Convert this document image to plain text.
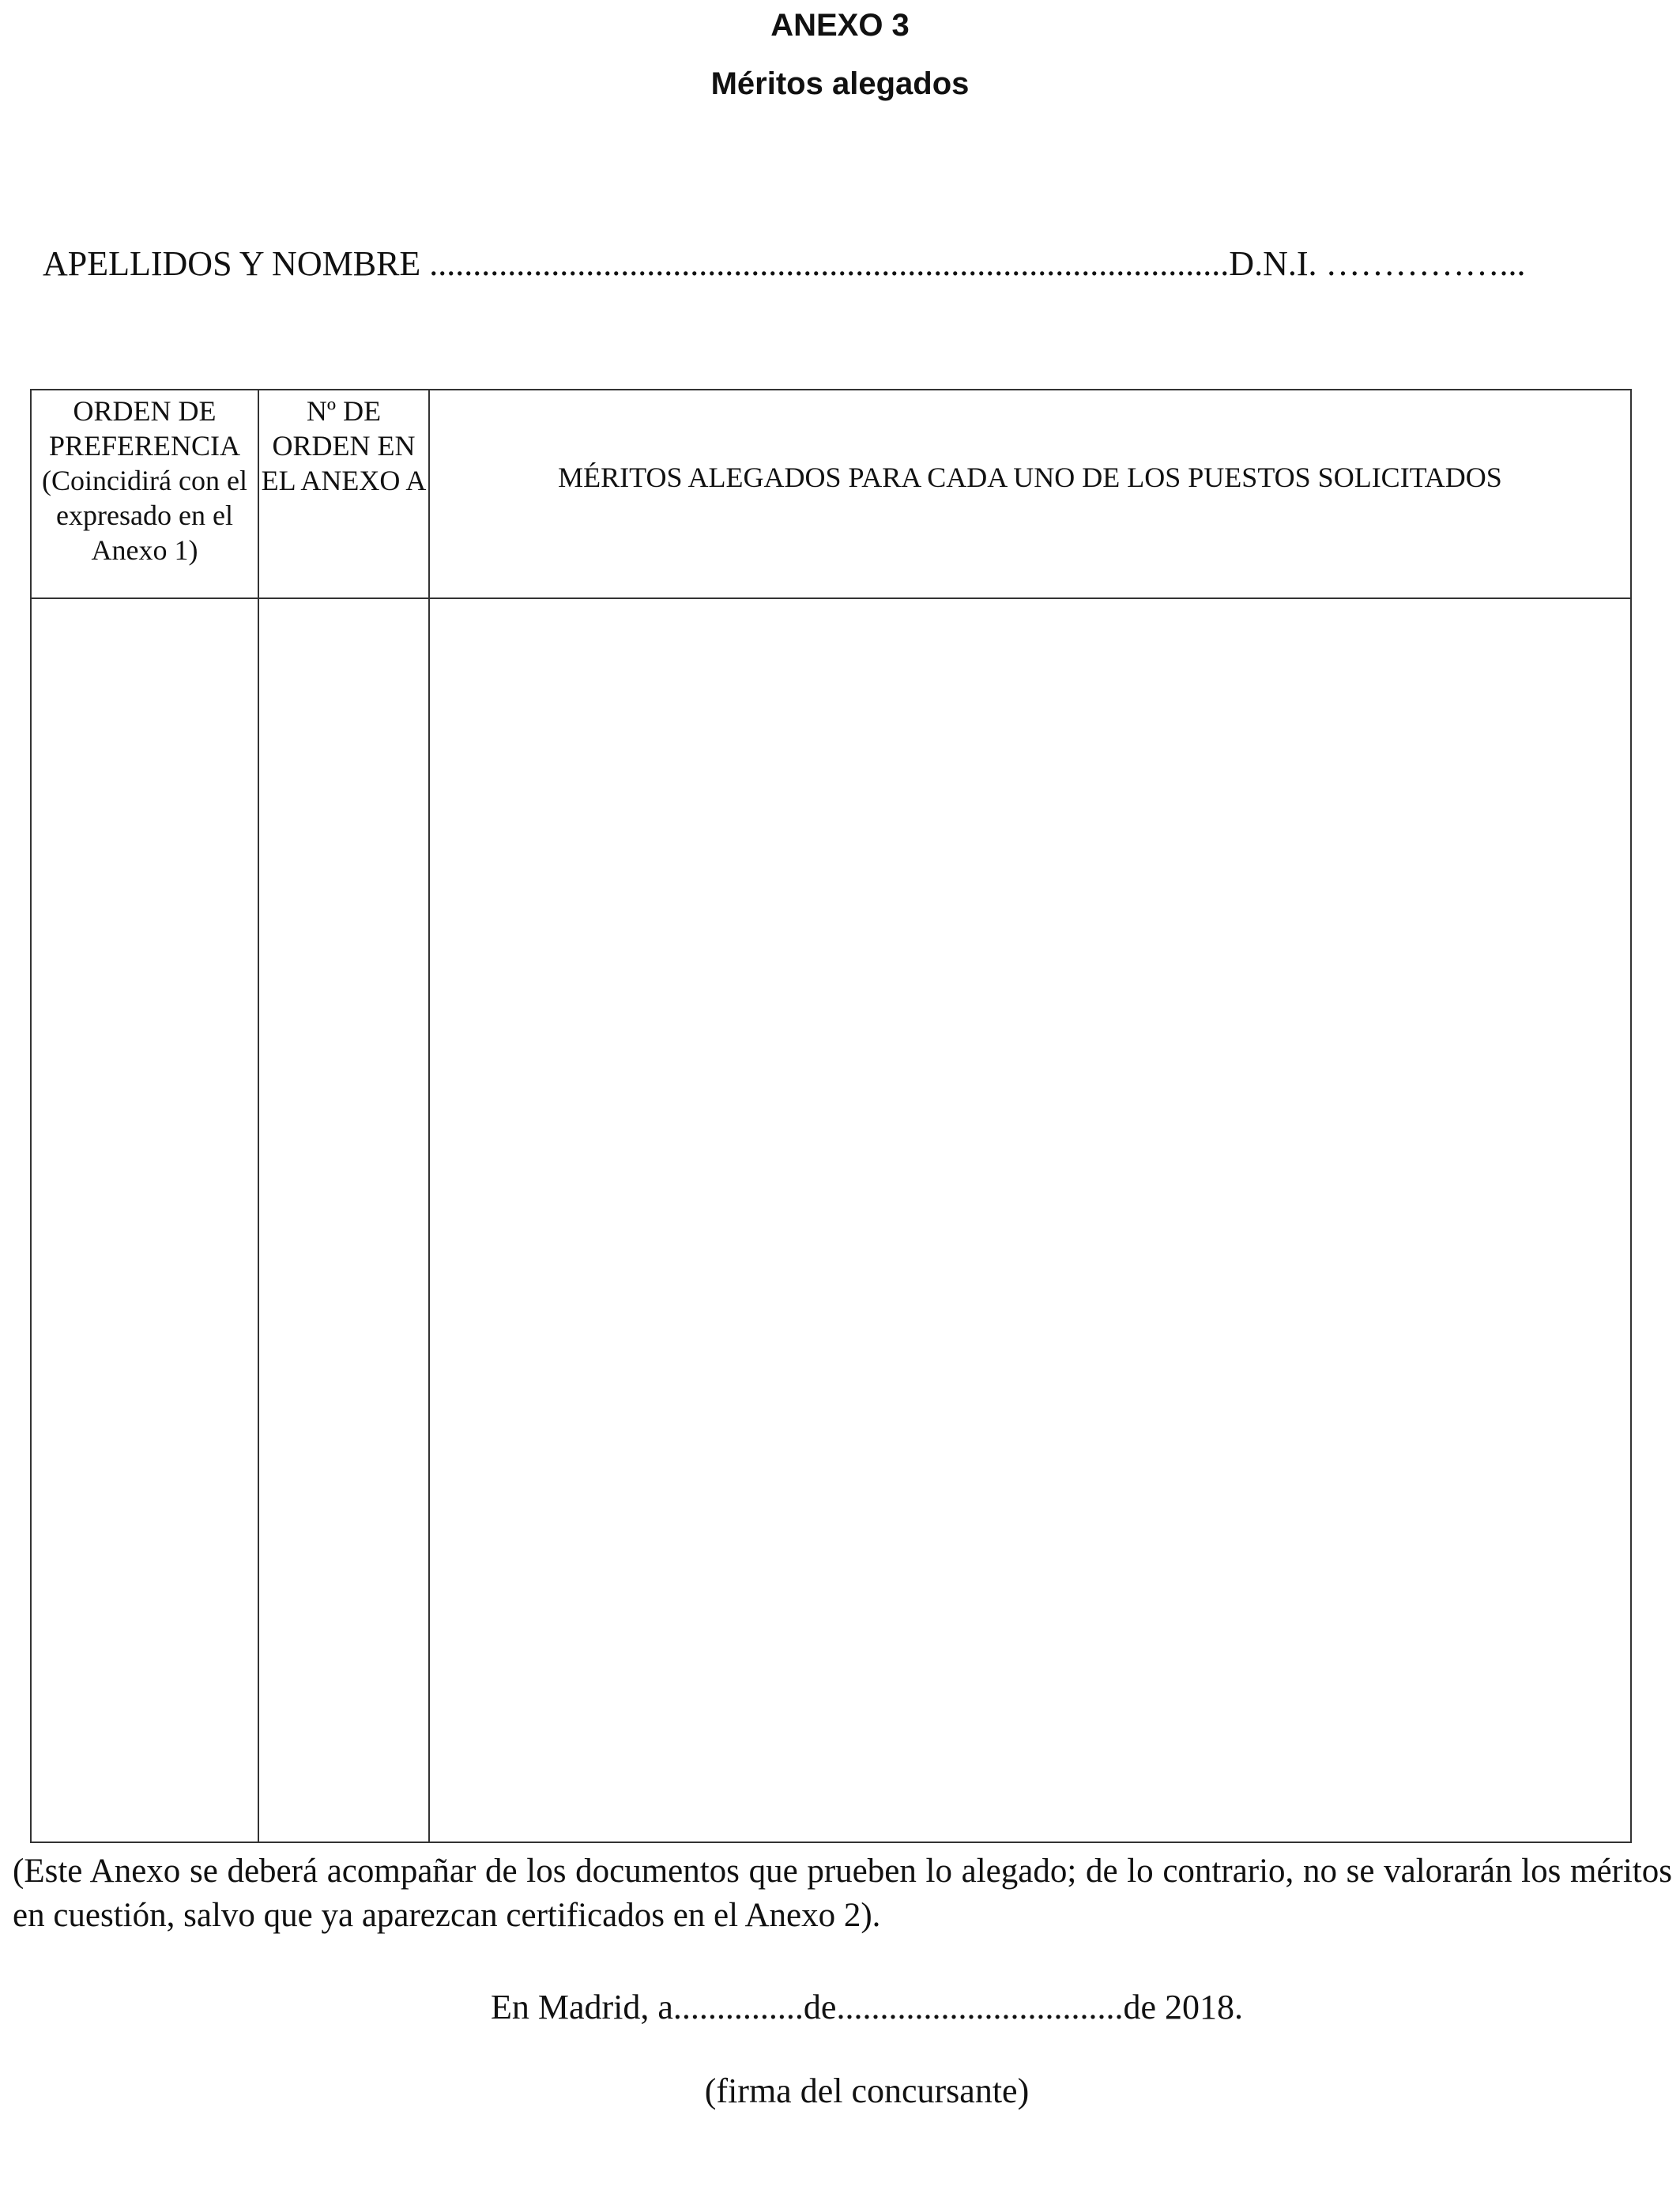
ANEXO 3
Méritos alegados
APELLIDOS Y NOMBRE ............................................................................................D.N.I. ……………...
ORDEN DE PREFERENCIA (Coincidirá con el expresado en el Anexo 1)	Nº DE ORDEN EN EL ANEXO A	MÉRITOS ALEGADOS PARA CADA UNO DE LOS PUESTOS SOLICITADOS

(Este Anexo se deberá acompañar de los documentos que prueben lo alegado; de lo contrario, no se valorarán los méritos en cuestión, salvo que ya aparezcan certificados en el Anexo 2).
En Madrid, a...............de.................................de 2018.
(firma del concursante)
